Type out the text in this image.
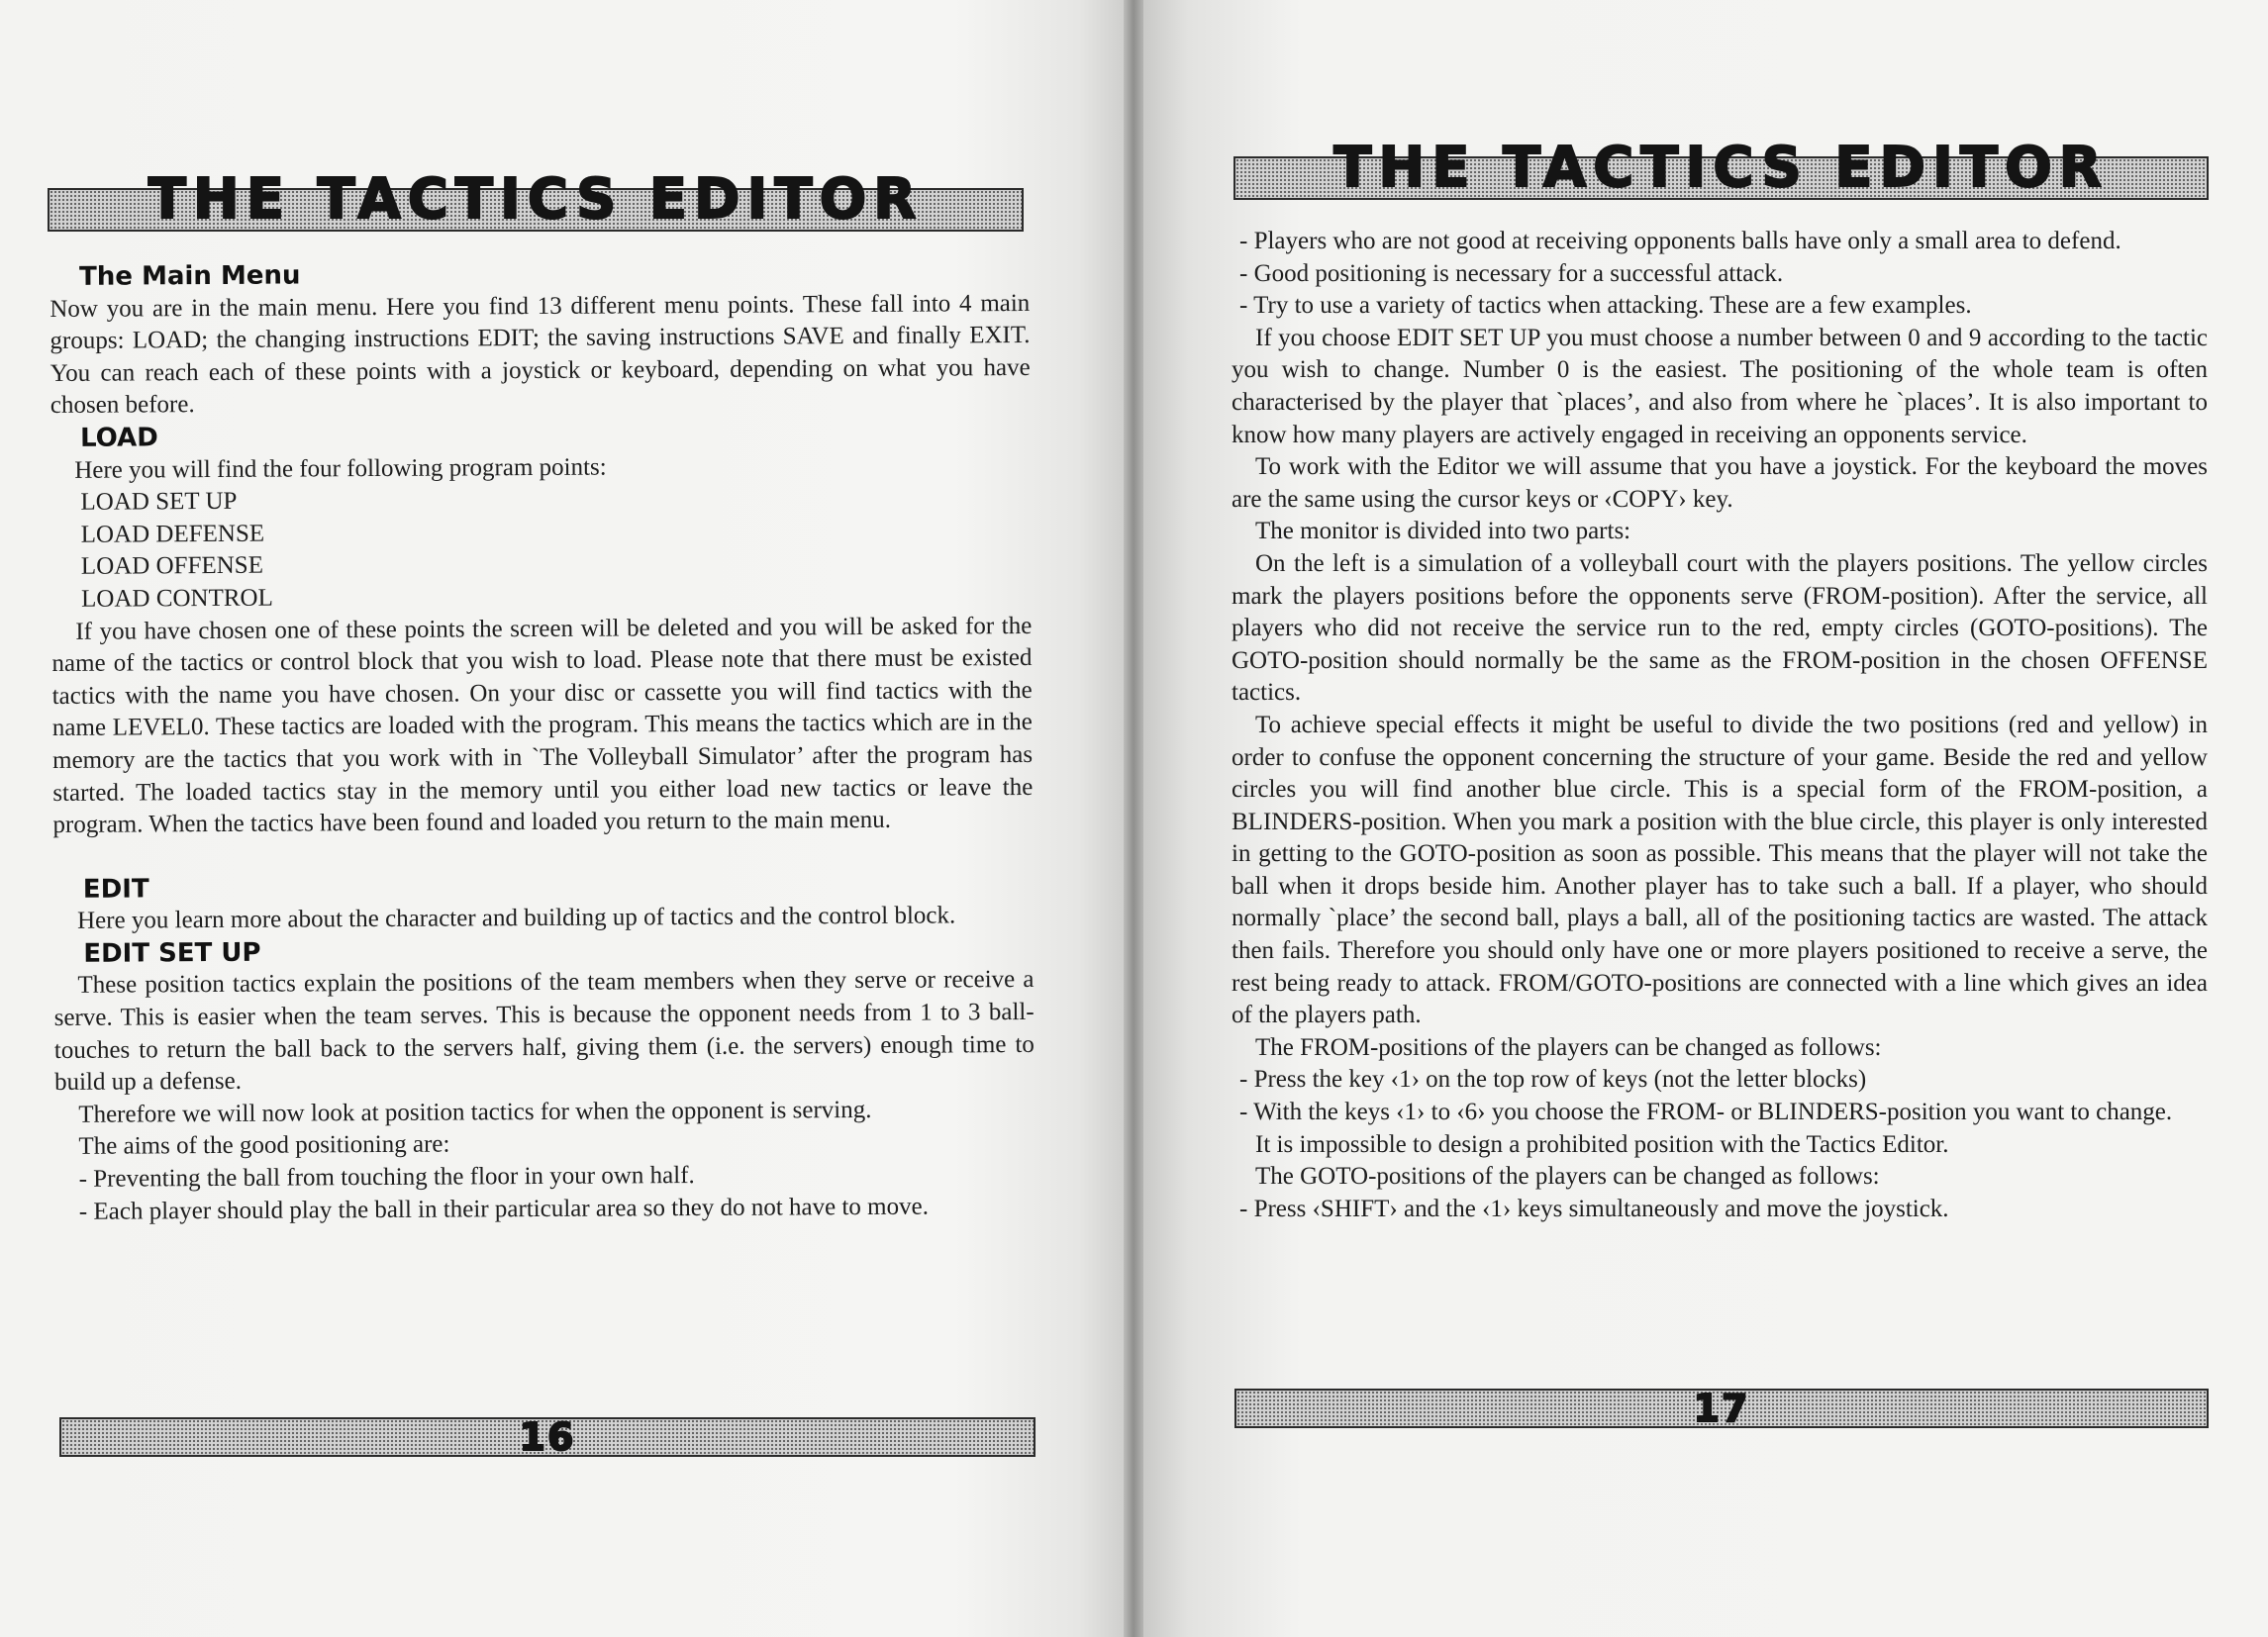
THE TACTICS EDITOR
The Main Menu

Now you are in the main menu. Here you find 13 different menu points. These fall into 4 main groups: LOAD; the changing instructions EDIT; the saving instructions SAVE and finally EXIT. You can reach each of these points with a joystick or keyboard, depending on what you have chosen before.

LOAD

Here you will find the four following program points:

LOAD SET UP
LOAD DEFENSE
LOAD OFFENSE
LOAD CONTROL

If you have chosen one of these points the screen will be deleted and you will be asked for the name of the tactics or control block that you wish to load. Please note that there must be existed tactics with the name you have chosen. On your disc or cassette you will find tactics with the name LEVEL0. These tactics are loaded with the program. This means the tactics which are in the memory are the tactics that you work with in `The Volleyball Simulator’ after the program has started. The loaded tactics stay in the memory until you either load new tactics or leave the program. When the tactics have been found and loaded you return to the main menu.

EDIT

Here you learn more about the character and building up of tactics and the control block.

EDIT SET UP

These position tactics explain the positions of the team members when they serve or receive a serve. This is easier when the team serves. This is because the opponent needs from 1 to 3 ball-touches to return the ball back to the servers half, giving them (i.e. the servers) enough time to build up a defense.

Therefore we will now look at position tactics for when the opponent is serving.

The aims of the good positioning are:

- Preventing the ball from touching the floor in your own half.

- Each player should play the ball in their particular area so they do not have to move.

16
THE TACTICS EDITOR
17

- Players who are not good at receiving opponents balls have only a small area to defend.

- Good positioning is necessary for a successful attack.

- Try to use a variety of tactics when attacking. These are a few examples.

If you choose EDIT SET UP you must choose a number between 0 and 9 according to the tactic you wish to change. Number 0 is the easiest. The positioning of the whole team is often characterised by the player that `places’, and also from where he `places’. It is also important to know how many players are actively engaged in receiving an opponents service.

To work with the Editor we will assume that you have a joystick. For the keyboard the moves are the same using the cursor keys or ‹COPY› key.

The monitor is divided into two parts:

On the left is a simulation of a volleyball court with the players positions. The yellow circles mark the players positions before the opponents serve (FROM-position). After the service, all players who did not receive the service run to the red, empty circles (GOTO-positions). The GOTO-position should normally be the same as the FROM-position in the chosen OFFENSE tactics.

To achieve special effects it might be useful to divide the two positions (red and yellow) in order to confuse the opponent concerning the structure of your game. Beside the red and yellow circles you will find another blue circle. This is a special form of the FROM-position, a BLINDERS-position. When you mark a position with the blue circle, this player is only interested in getting to the GOTO-position as soon as possible. This means that the player will not take the ball when it drops beside him. Another player has to take such a ball. If a player, who should normally `place’ the second ball, plays a ball, all of the positioning tactics are wasted. The attack then fails. Therefore you should only have one or more players positioned to receive a serve, the rest being ready to attack. FROM/GOTO-positions are connected with a line which gives an idea of the players path.

The FROM-positions of the players can be changed as follows:

- Press the key ‹1› on the top row of keys (not the letter blocks)

- With the keys ‹1› to ‹6› you choose the FROM- or BLINDERS-position you want to change.

It is impossible to design a prohibited position with the Tactics Editor.

The GOTO-positions of the players can be changed as follows:

- Press ‹SHIFT› and the ‹1› keys simultaneously and move the joystick.
